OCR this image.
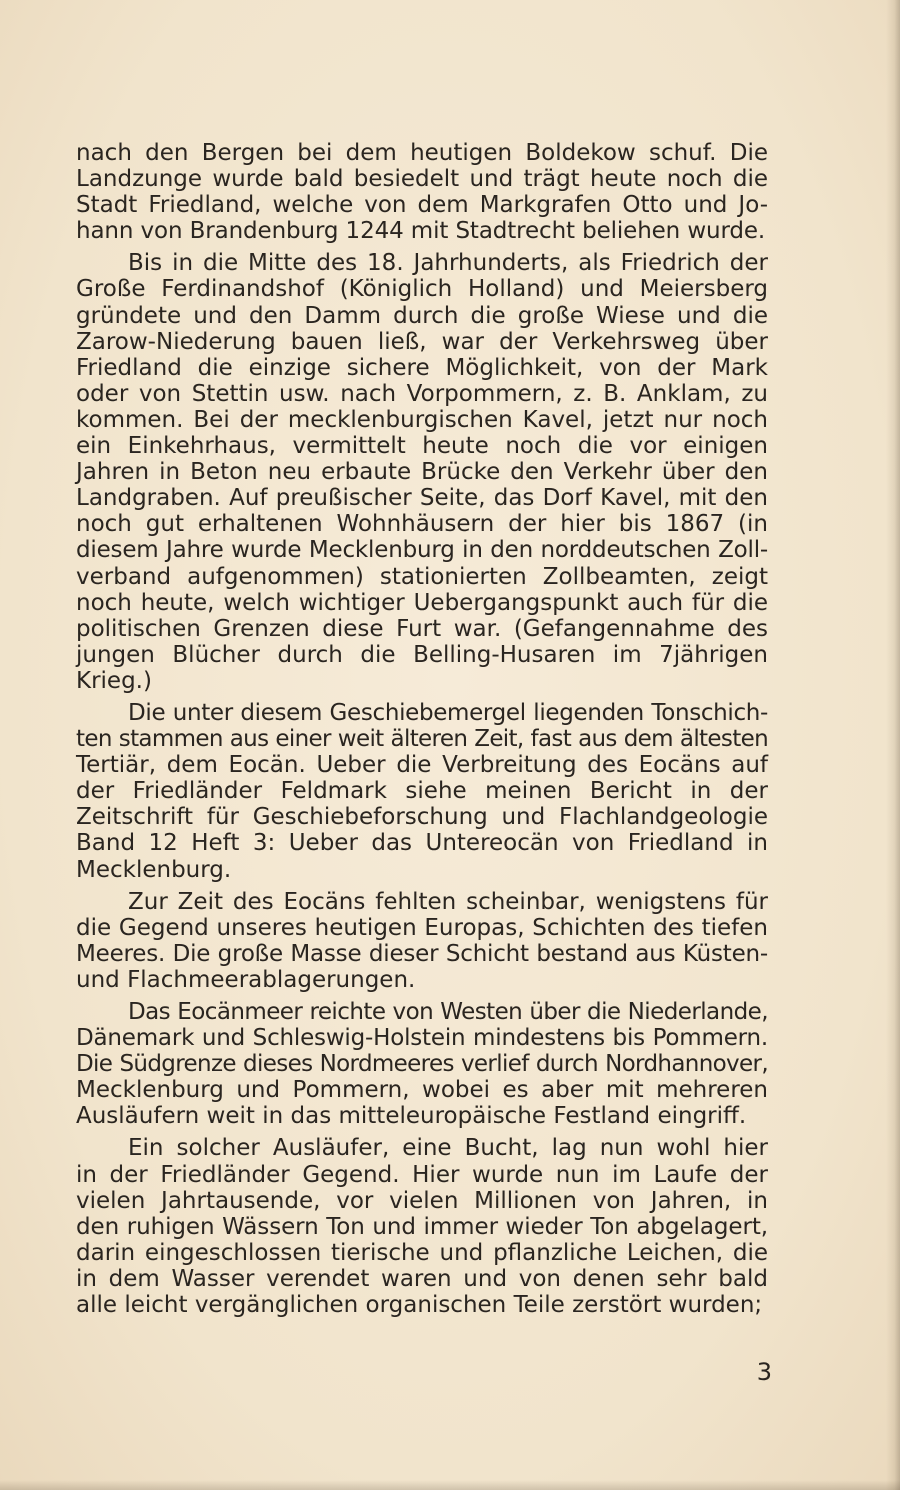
nach den Bergen bei dem heutigen Boldekow schuf. Die
Landzunge wurde bald besiedelt und trägt heute noch die
Stadt Friedland, welche von dem Markgrafen Otto und Jo-
hann von Brandenburg 1244 mit Stadtrecht beliehen wurde.
Bis in die Mitte des 18. Jahrhunderts, als Friedrich der
Große Ferdinandshof (Königlich Holland) und Meiersberg
gründete und den Damm durch die große Wiese und die
Zarow-Niederung bauen ließ, war der Verkehrsweg über
Friedland die einzige sichere Möglichkeit, von der Mark
oder von Stettin usw. nach Vorpommern, z. B. Anklam, zu
kommen. Bei der mecklenburgischen Kavel, jetzt nur noch
ein Einkehrhaus, vermittelt heute noch die vor einigen
Jahren in Beton neu erbaute Brücke den Verkehr über den
Landgraben. Auf preußischer Seite, das Dorf Kavel, mit den
noch gut erhaltenen Wohnhäusern der hier bis 1867 (in
diesem Jahre wurde Mecklenburg in den norddeutschen Zoll-
verband aufgenommen) stationierten Zollbeamten, zeigt
noch heute, welch wichtiger Uebergangspunkt auch für die
politischen Grenzen diese Furt war. (Gefangennahme des
jungen Blücher durch die Belling-Husaren im 7jährigen
Krieg.)
Die unter diesem Geschiebemergel liegenden Tonschich-
ten stammen aus einer weit älteren Zeit, fast aus dem ältesten
Tertiär, dem Eocän. Ueber die Verbreitung des Eocäns auf
der Friedländer Feldmark siehe meinen Bericht in der
Zeitschrift für Geschiebeforschung und Flachlandgeologie
Band 12 Heft 3: Ueber das Untereocän von Friedland in
Mecklenburg.
Zur Zeit des Eocäns fehlten scheinbar, wenigstens für
die Gegend unseres heutigen Europas, Schichten des tiefen
Meeres. Die große Masse dieser Schicht bestand aus Küsten-
und Flachmeerablagerungen.
Das Eocänmeer reichte von Westen über die Niederlande,
Dänemark und Schleswig-Holstein mindestens bis Pommern.
Die Südgrenze dieses Nordmeeres verlief durch Nordhannover,
Mecklenburg und Pommern, wobei es aber mit mehreren
Ausläufern weit in das mitteleuropäische Festland eingriff.
Ein solcher Ausläufer, eine Bucht, lag nun wohl hier
in der Friedländer Gegend. Hier wurde nun im Laufe der
vielen Jahrtausende, vor vielen Millionen von Jahren, in
den ruhigen Wässern Ton und immer wieder Ton abgelagert,
darin eingeschlossen tierische und pflanzliche Leichen, die
in dem Wasser verendet waren und von denen sehr bald
alle leicht vergänglichen organischen Teile zerstört wurden;
3
